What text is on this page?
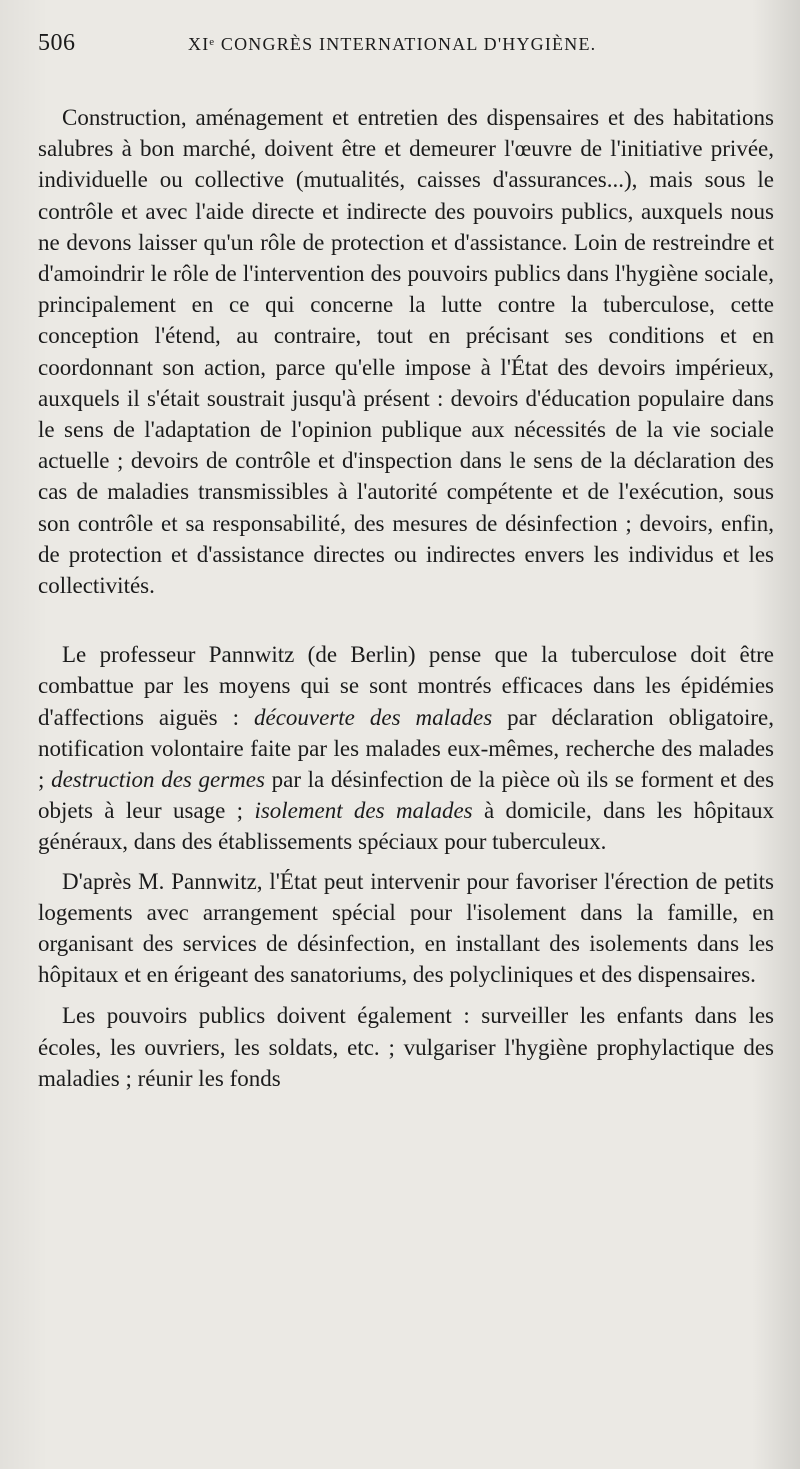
506	XIᵉ CONGRÈS INTERNATIONAL D'HYGIÈNE.

Construction, aménagement et entretien des dispensaires et des habitations salubres à bon marché, doivent être et demeurer l'œuvre de l'initiative privée, individuelle ou collective (mutualités, caisses d'assurances...), mais sous le contrôle et avec l'aide directe et indirecte des pouvoirs publics, auxquels nous ne devons laisser qu'un rôle de protection et d'assistance. Loin de restreindre et d'amoindrir le rôle de l'intervention des pouvoirs publics dans l'hygiène sociale, principalement en ce qui concerne la lutte contre la tuberculose, cette conception l'étend, au contraire, tout en précisant ses conditions et en coordonnant son action, parce qu'elle impose à l'État des devoirs impérieux, auxquels il s'était soustrait jusqu'à présent : devoirs d'éducation populaire dans le sens de l'adaptation de l'opinion publique aux nécessités de la vie sociale actuelle ; devoirs de contrôle et d'inspection dans le sens de la déclaration des cas de maladies transmissibles à l'autorité compétente et de l'exécution, sous son contrôle et sa responsabilité, des mesures de désinfection ; devoirs, enfin, de protection et d'assistance directes ou indirectes envers les individus et les collectivités.

Le professeur Pannwitz (de Berlin) pense que la tuberculose doit être combattue par les moyens qui se sont montrés efficaces dans les épidémies d'affections aiguës : découverte des malades par déclaration obligatoire, notification volontaire faite par les malades eux-mêmes, recherche des malades ; destruction des germes par la désinfection de la pièce où ils se forment et des objets à leur usage ; isolement des malades à domicile, dans les hôpitaux généraux, dans des établissements spéciaux pour tuberculeux.

D'après M. Pannwitz, l'État peut intervenir pour favoriser l'érection de petits logements avec arrangement spécial pour l'isolement dans la famille, en organisant des services de désinfection, en installant des isolements dans les hôpitaux et en érigeant des sanatoriums, des polycliniques et des dispensaires.

Les pouvoirs publics doivent également : surveiller les enfants dans les écoles, les ouvriers, les soldats, etc. ; vulgariser l'hygiène prophylactique des maladies ; réunir les fonds
